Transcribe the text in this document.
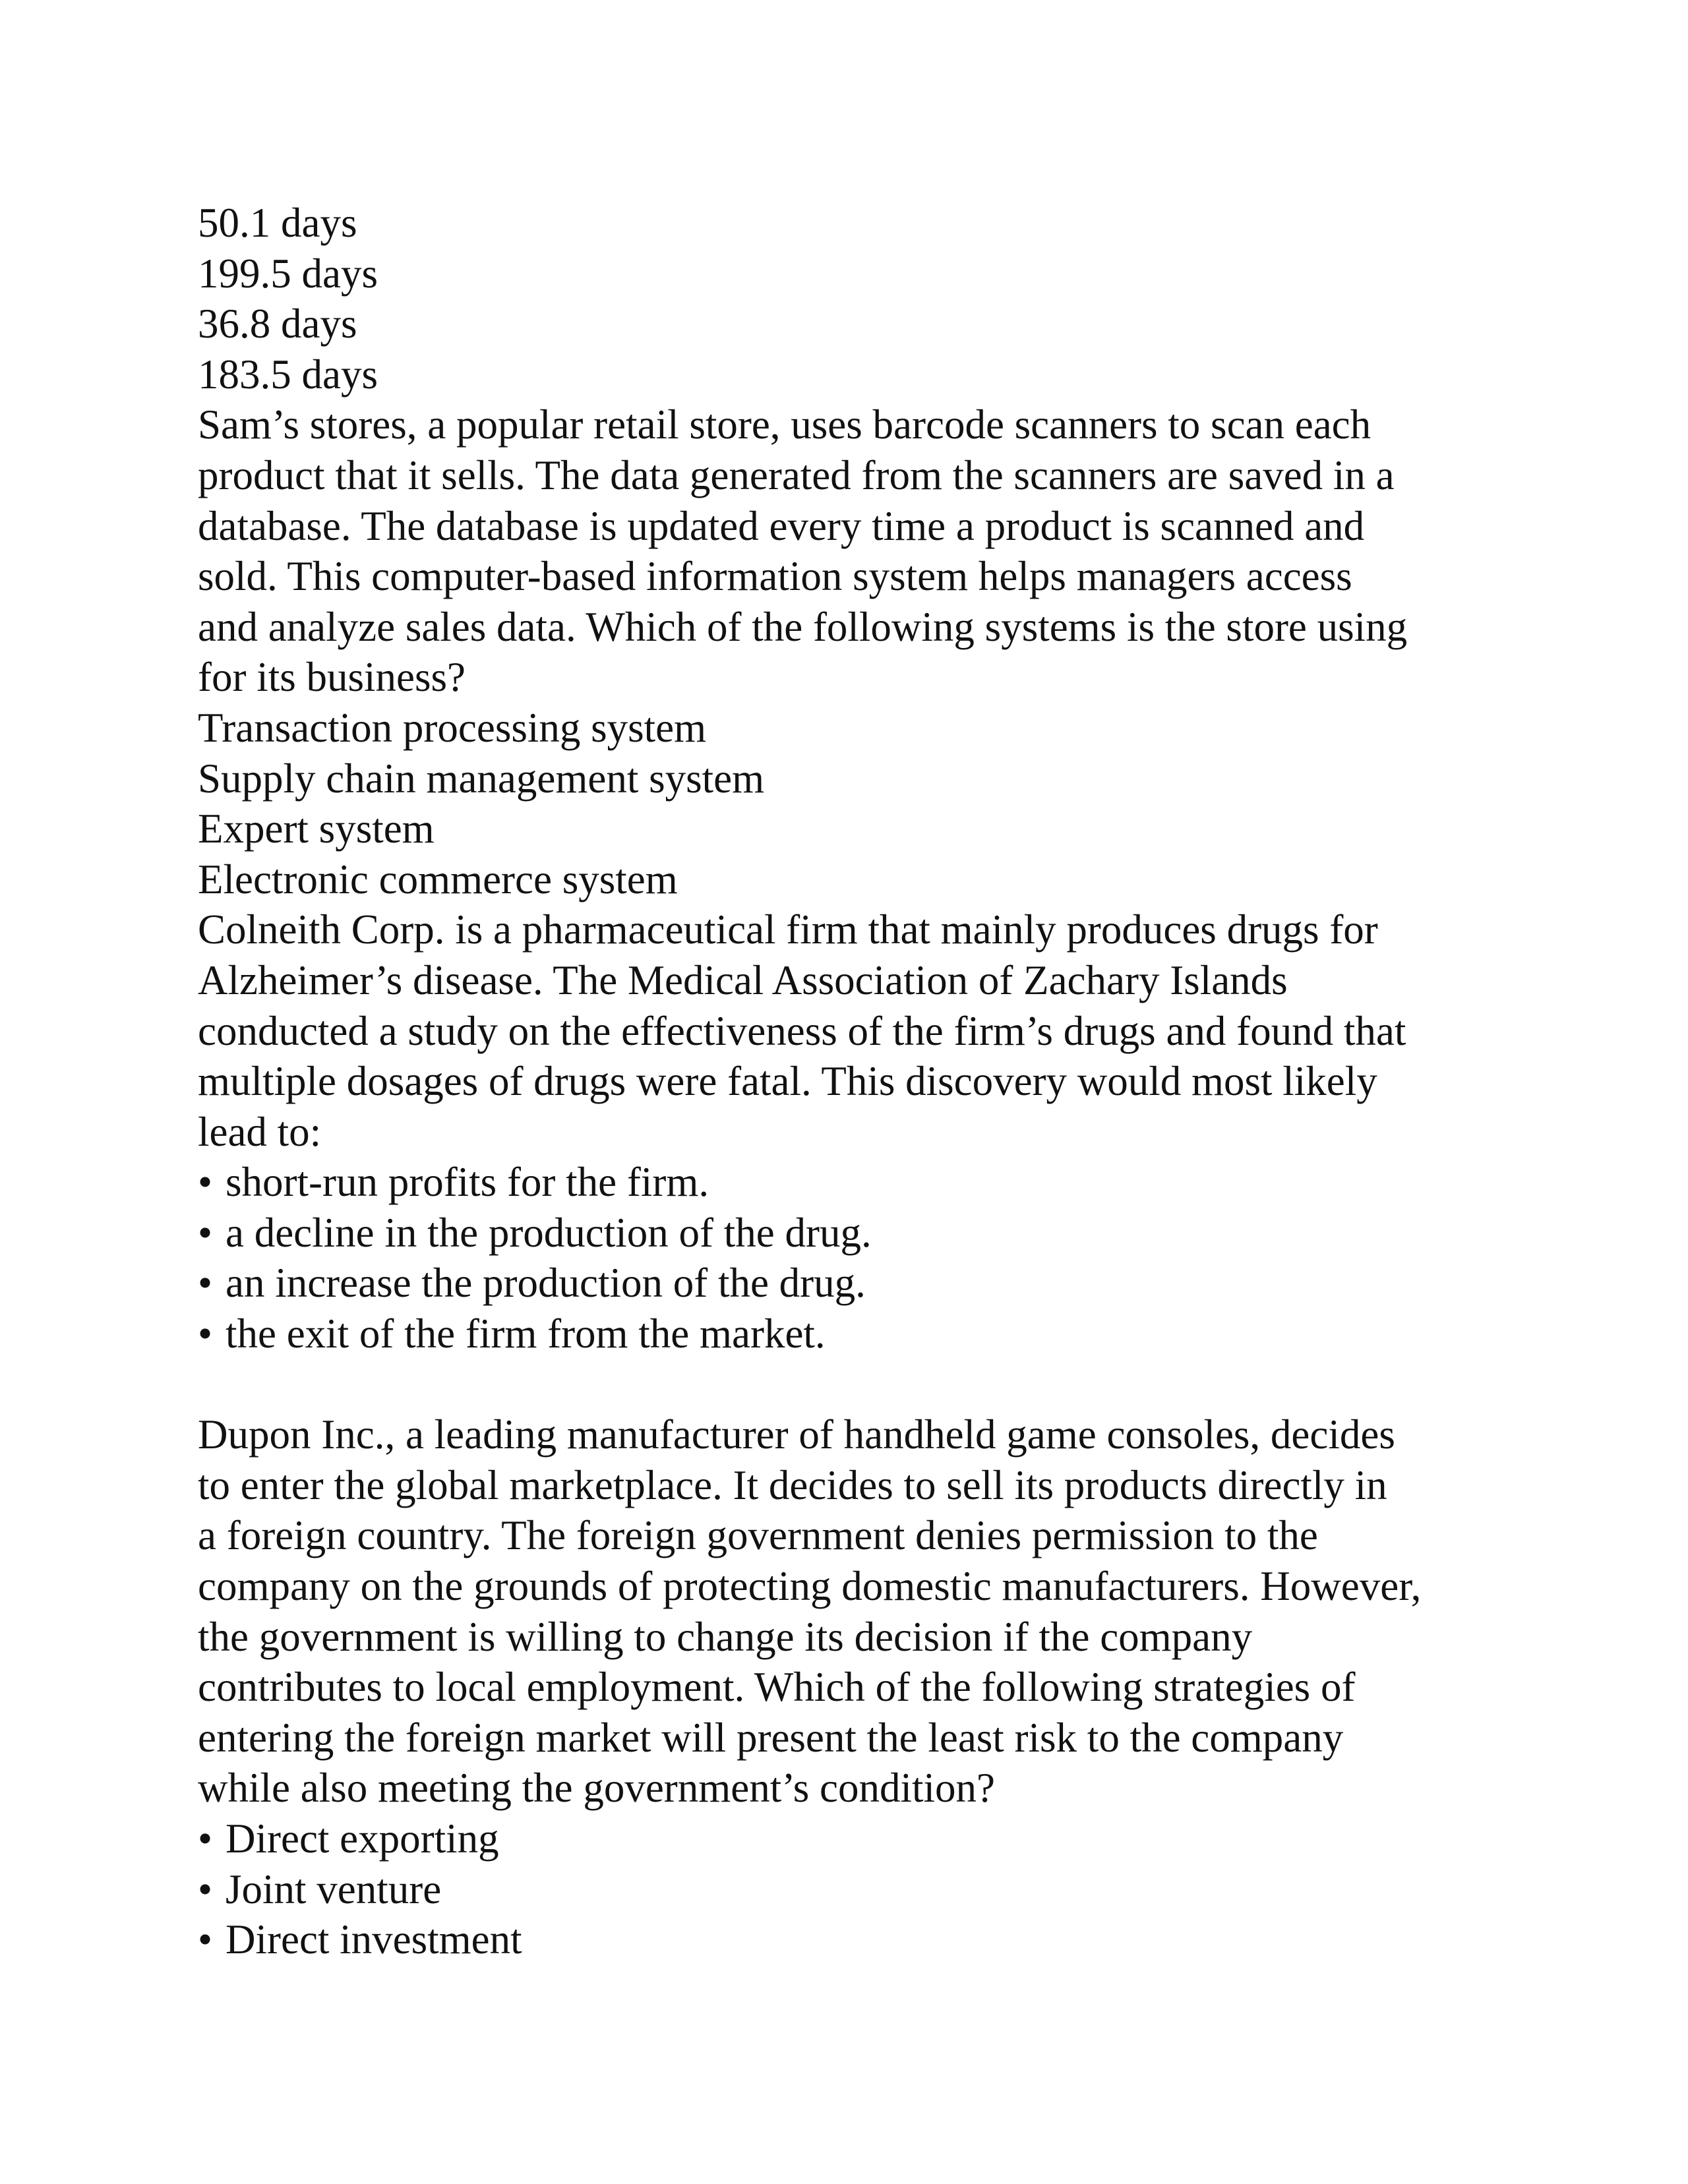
50.1 days
199.5 days
36.8 days
183.5 days
Sam’s stores, a popular retail store, uses barcode scanners to scan each
product that it sells. The data generated from the scanners are saved in a
database. The database is updated every time a product is scanned and
sold. This computer-based information system helps managers access
and analyze sales data. Which of the following systems is the store using
for its business?
Transaction processing system
Supply chain management system
Expert system
Electronic commerce system
Colneith Corp. is a pharmaceutical firm that mainly produces drugs for
Alzheimer’s disease. The Medical Association of Zachary Islands
conducted a study on the effectiveness of the firm’s drugs and found that
multiple dosages of drugs were fatal. This discovery would most likely
lead to:
• short-run profits for the firm.
• a decline in the production of the drug.
• an increase the production of the drug.
• the exit of the firm from the market.
Dupon Inc., a leading manufacturer of handheld game consoles, decides
to enter the global marketplace. It decides to sell its products directly in
a foreign country. The foreign government denies permission to the
company on the grounds of protecting domestic manufacturers. However,
the government is willing to change its decision if the company
contributes to local employment. Which of the following strategies of
entering the foreign market will present the least risk to the company
while also meeting the government’s condition?
• Direct exporting
• Joint venture
• Direct investment
